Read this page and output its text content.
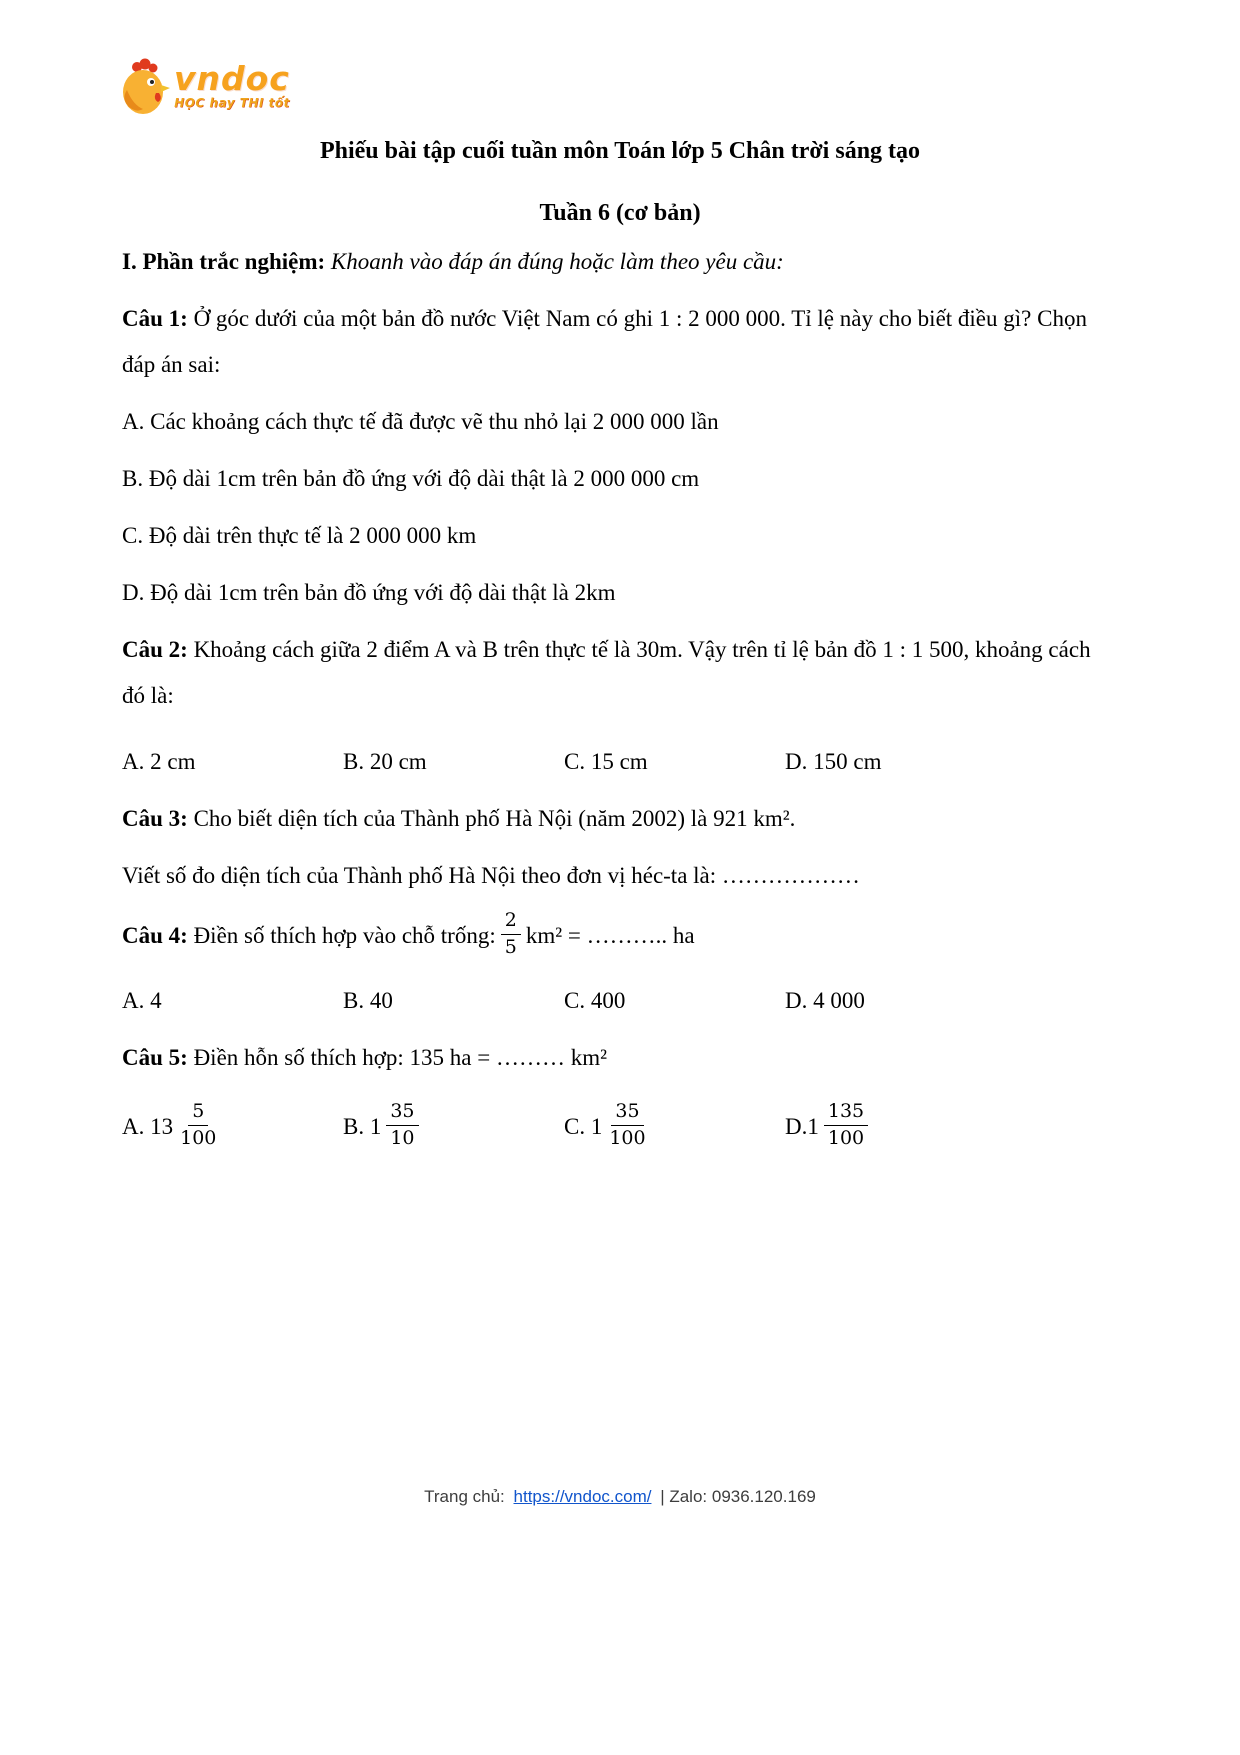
vndoc
HỌC hay THI tốt
Phiếu bài tập cuối tuần môn Toán lớp 5 Chân trời sáng tạo
Tuần 6 (cơ bản)

I. Phần trắc nghiệm: Khoanh vào đáp án đúng hoặc làm theo yêu cầu:

Câu 1: Ở góc dưới của một bản đồ nước Việt Nam có ghi 1 : 2 000 000. Tỉ lệ này cho biết điều gì? Chọn đáp án sai:

A. Các khoảng cách thực tế đã được vẽ thu nhỏ lại 2 000 000 lần

B. Độ dài 1cm trên bản đồ ứng với độ dài thật là 2 000 000 cm

C. Độ dài trên thực tế là 2 000 000 km

D. Độ dài 1cm trên bản đồ ứng với độ dài thật là 2km

Câu 2: Khoảng cách giữa 2 điểm A và B trên thực tế là 30m. Vậy trên tỉ lệ bản đồ 1 : 1 500, khoảng cách đó là:

A. 2 cm	B. 20 cm	C. 15 cm	D. 150 cm

Câu 3: Cho biết diện tích của Thành phố Hà Nội (năm 2002) là 921 km².

Viết số đo diện tích của Thành phố Hà Nội theo đơn vị héc-ta là: ………………

Câu 4:
Điền số thích hợp vào chỗ trống: $\frac{2}{5} km^2$ = ……….. ha

A. 4	B. 40	C. 400	D. 4 000

Câu 5: Điền hỗn số thích hợp: 135 ha = ……… km²

A. $13 \frac{5}{100}$	B. $1 \frac{35}{10}$	C. $1 \frac{35}{100}$	$D.1 \frac{135}{100}$
Trang chủ: https://vndoc.com/ | Zalo: 0936.120.169
